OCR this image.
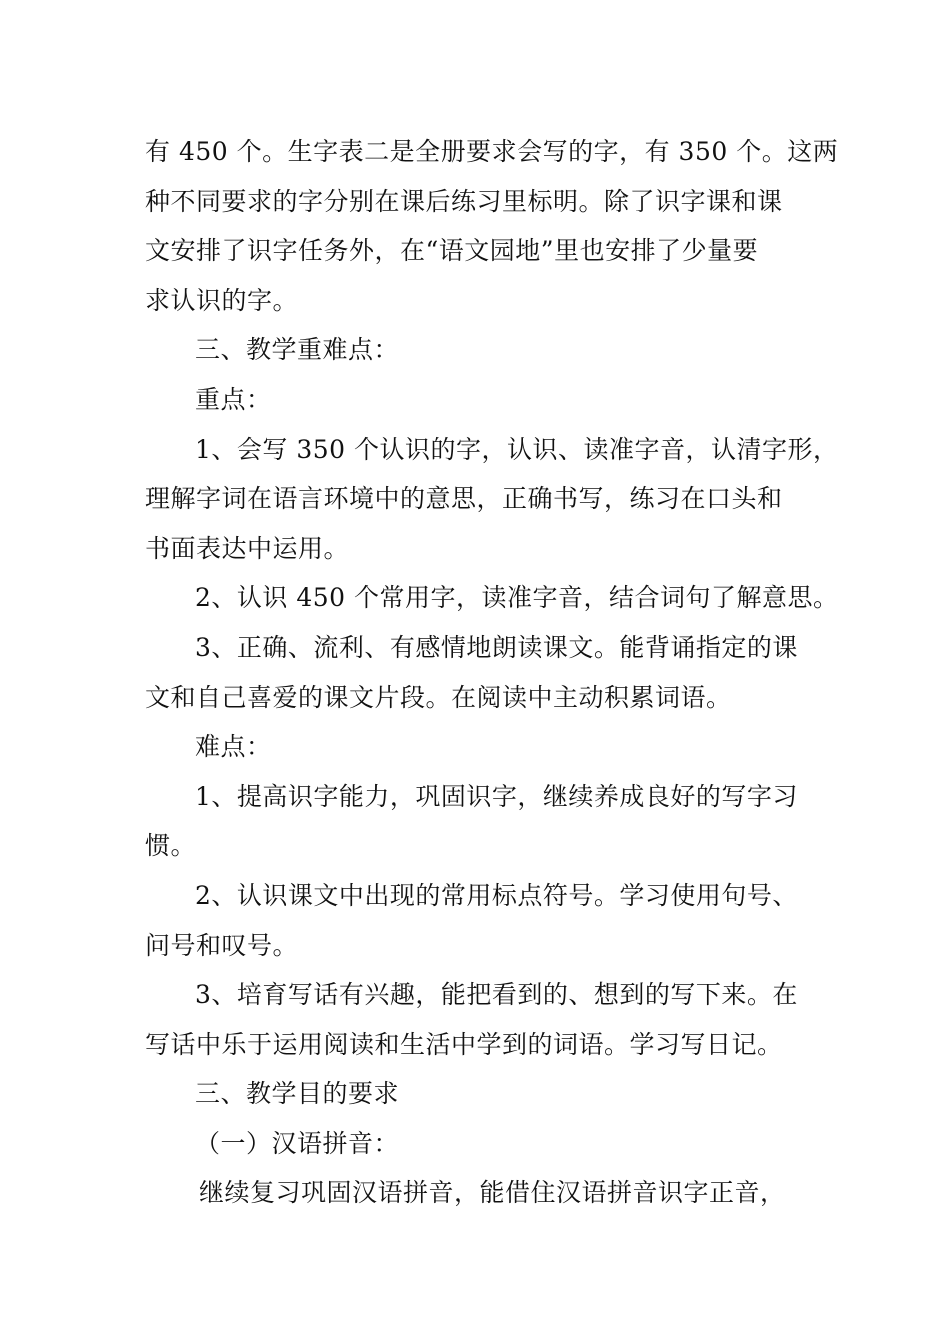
有 450 个。生字表二是全册要求会写的字，有 350 个。这两

种不同要求的字分别在课后练习里标明。除了识字课和课

文安排了识字任务外，在“语文园地”里也安排了少量要

求认识的字。

三、教学重难点：

重点：

1、会写 350 个认识的字，认识、读准字音，认清字形，

理解字词在语言环境中的意思，正确书写，练习在口头和

书面表达中运用。

2、认识 450 个常用字，读准字音，结合词句了解意思。

3、正确、流利、有感情地朗读课文。能背诵指定的课

文和自己喜爱的课文片段。在阅读中主动积累词语。

难点：

1、提高识字能力，巩固识字，继续养成良好的写字习

惯。

2、认识课文中出现的常用标点符号。学习使用句号、

问号和叹号。

3、培育写话有兴趣，能把看到的、想到的写下来。在

写话中乐于运用阅读和生活中学到的词语。学习写日记。

三、教学目的要求

（一）汉语拼音：

继续复习巩固汉语拼音，能借住汉语拼音识字正音，
